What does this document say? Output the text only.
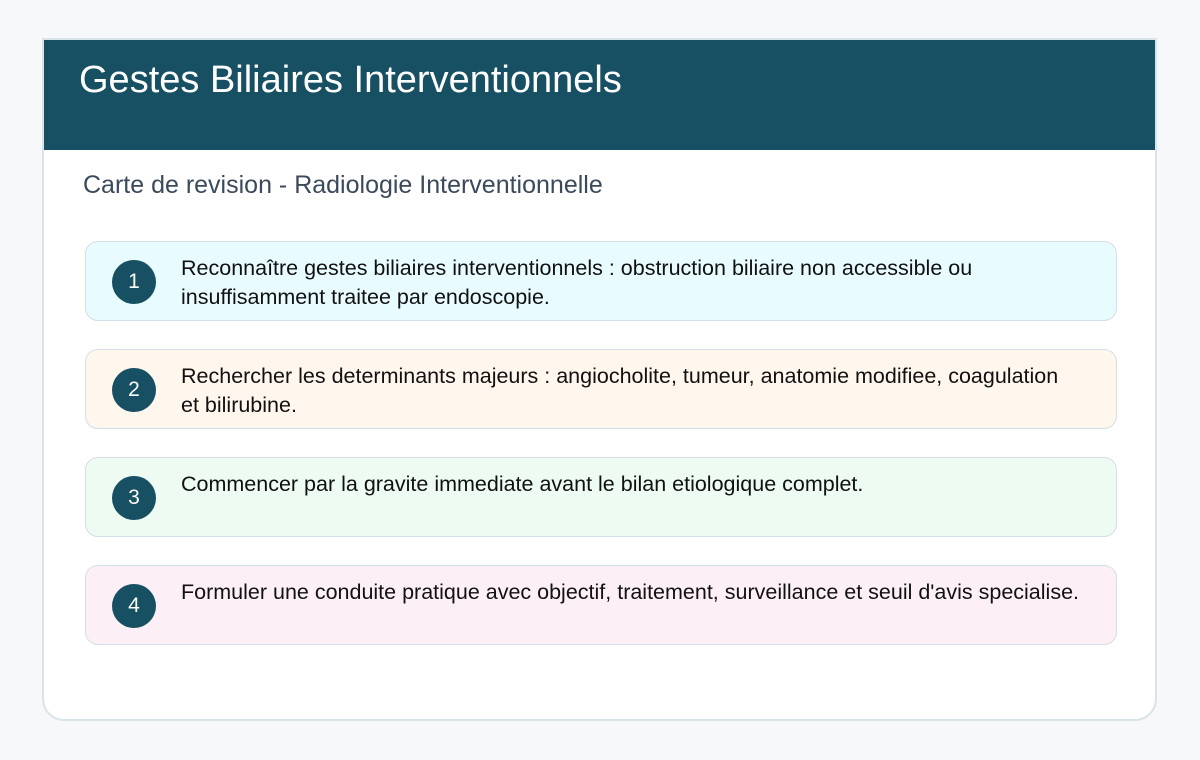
Gestes Biliaires Interventionnels
Carte de revision - Radiologie Interventionnelle
1
Reconnaître gestes biliaires interventionnels : obstruction biliaire non accessible ou insuffisamment traitee par endoscopie.
2
Rechercher les determinants majeurs : angiocholite, tumeur, anatomie modifiee, coagulation et bilirubine.
3
Commencer par la gravite immediate avant le bilan etiologique complet.
4
Formuler une conduite pratique avec objectif, traitement, surveillance et seuil d'avis specialise.
